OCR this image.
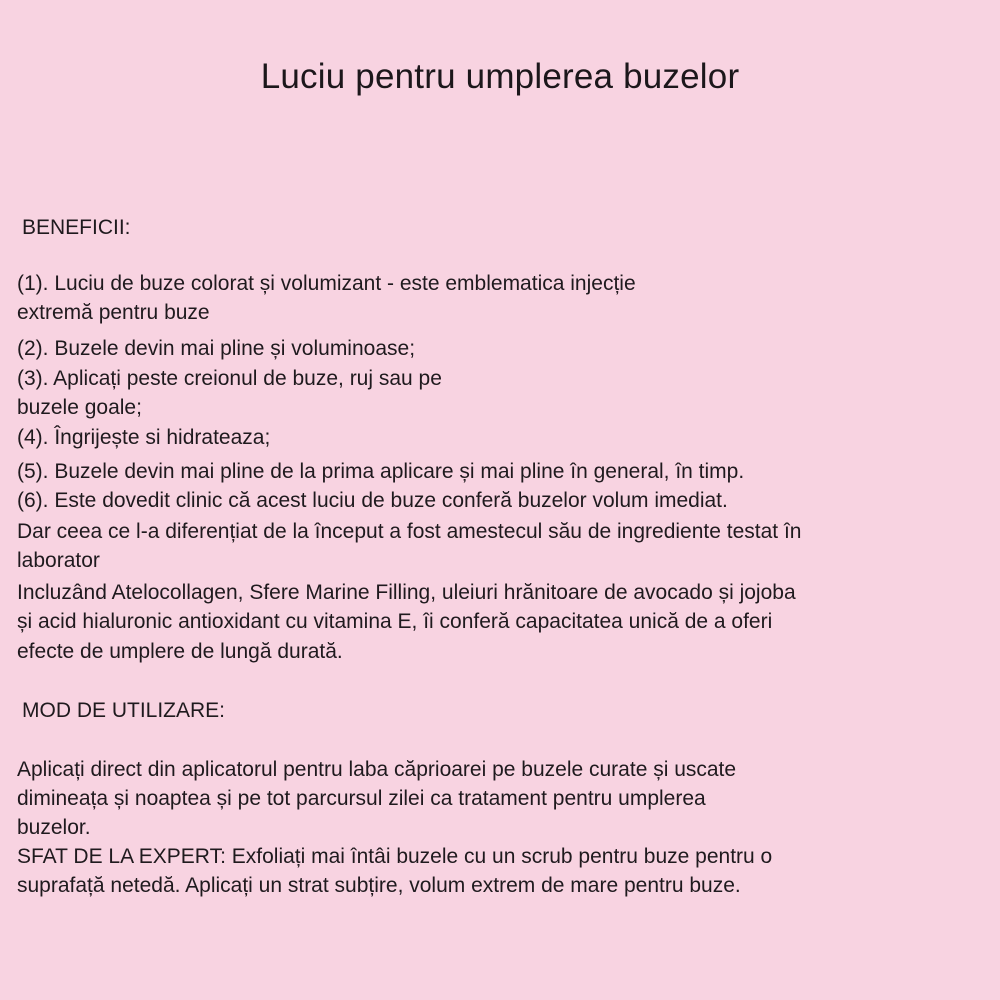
Luciu pentru umplerea buzelor
BENEFICII:

(1). Luciu de buze colorat și volumizant - este emblematica injecție

extremă pentru buze

(2). Buzele devin mai pline și voluminoase;

(3). Aplicați peste creionul de buze, ruj sau pe

buzele goale;

(4). Îngrijește si hidrateaza;

(5). Buzele devin mai pline de la prima aplicare și mai pline în general, în timp.

(6). Este dovedit clinic că acest luciu de buze conferă buzelor volum imediat.

Dar ceea ce l-a diferențiat de la început a fost amestecul său de ingrediente testat în

laborator

Incluzând Atelocollagen, Sfere Marine Filling, uleiuri hrănitoare de avocado și jojoba

și acid hialuronic antioxidant cu vitamina E, îi conferă capacitatea unică de a oferi

efecte de umplere de lungă durată.

MOD DE UTILIZARE:

Aplicați direct din aplicatorul pentru laba căprioarei pe buzele curate și uscate

dimineața și noaptea și pe tot parcursul zilei ca tratament pentru umplerea

buzelor.

SFAT DE LA EXPERT: Exfoliați mai întâi buzele cu un scrub pentru buze pentru o

suprafață netedă. Aplicați un strat subțire, volum extrem de mare pentru buze.
